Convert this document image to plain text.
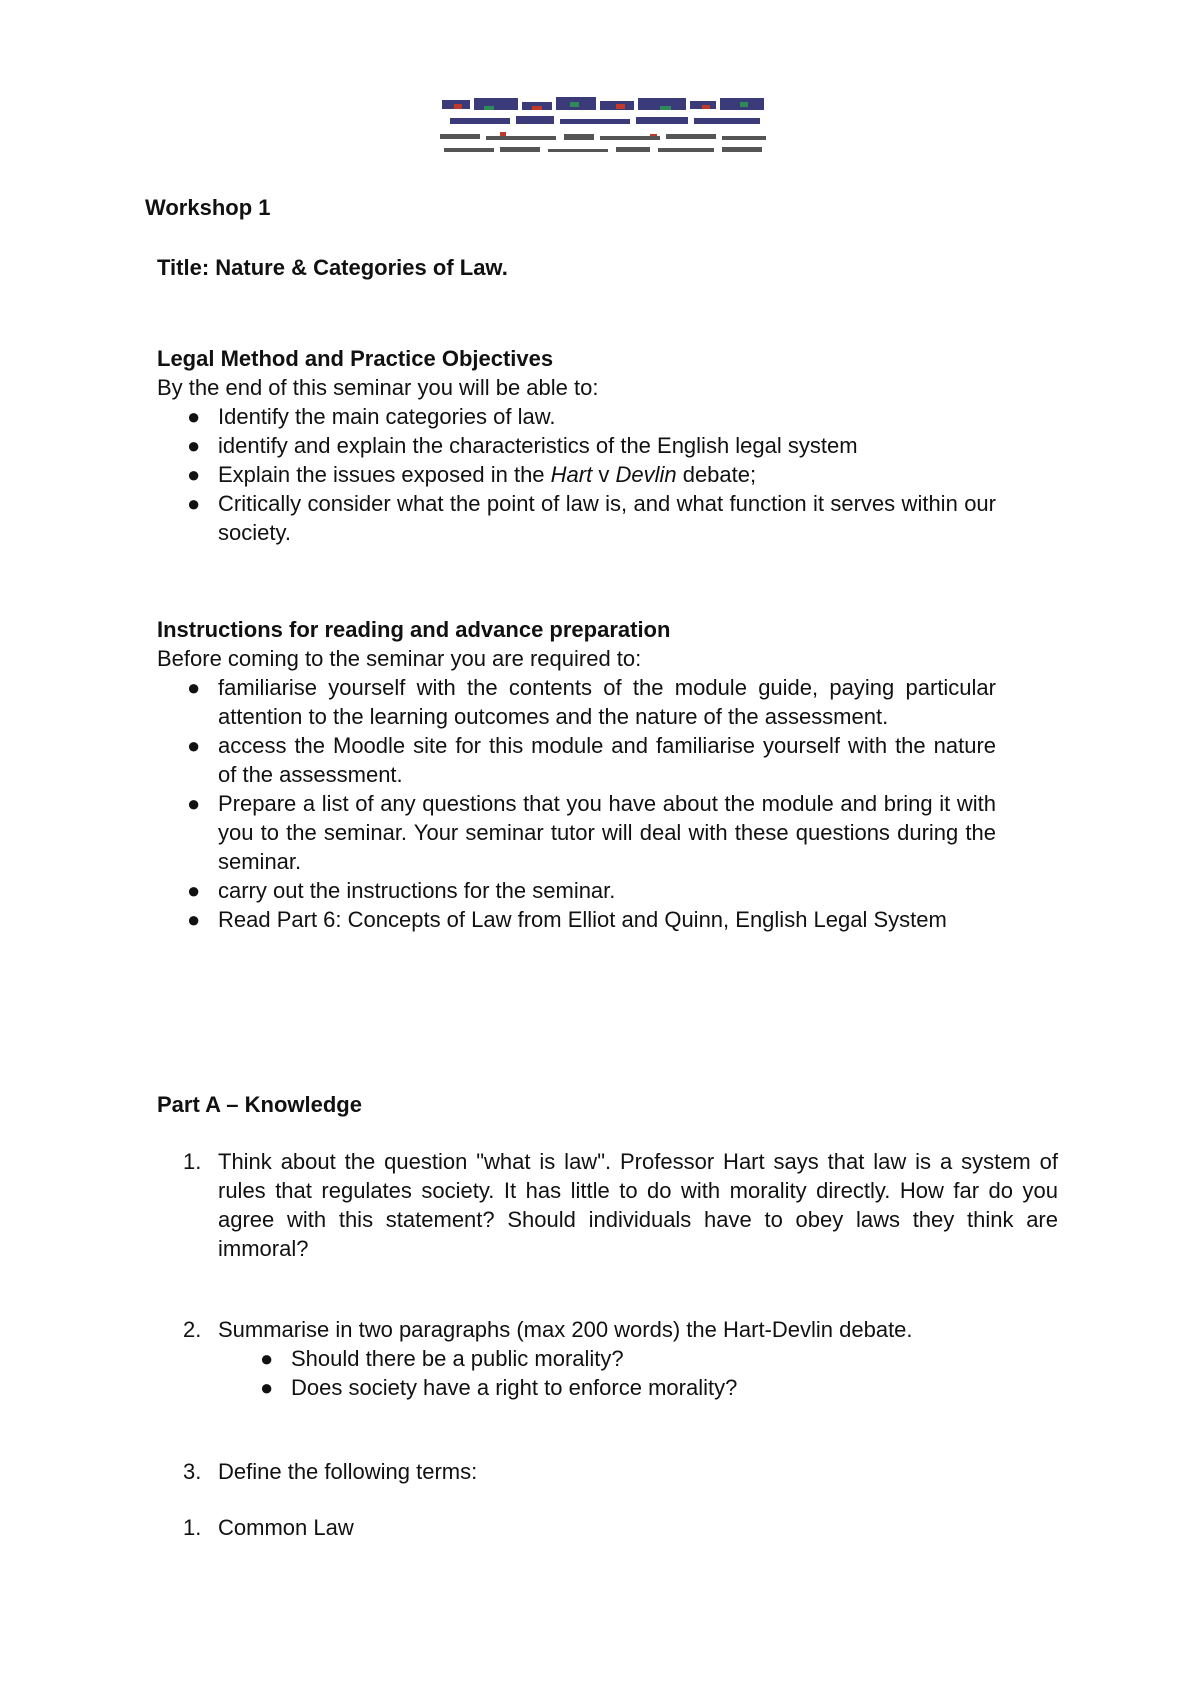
Workshop 1
Title: Nature & Categories of Law.
Legal Method and Practice Objectives
By the end of this seminar you will be able to:
● Identify the main categories of law.
● identify and explain the characteristics of the English legal system
● Explain the issues exposed in the Hart v Devlin debate;
● Critically consider what the point of law is, and what function it serves within our society.
Instructions for reading and advance preparation
Before coming to the seminar you are required to:
● familiarise yourself with the contents of the module guide, paying particular attention to the learning outcomes and the nature of the assessment.
● access the Moodle site for this module and familiarise yourself with the nature of the assessment.
● Prepare a list of any questions that you have about the module and bring it with you to the seminar. Your seminar tutor will deal with these questions during the seminar.
● carry out the instructions for the seminar.
● Read Part 6: Concepts of Law from Elliot and Quinn, English Legal System
Part A – Knowledge
1. Think about the question "what is law". Professor Hart says that law is a system of rules that regulates society. It has little to do with morality directly. How far do you agree with this statement? Should individuals have to obey laws they think are immoral?
2. Summarise in two paragraphs (max 200 words) the Hart-Devlin debate.
● Should there be a public morality?
● Does society have a right to enforce morality?
3. Define the following terms:
1. Common Law
